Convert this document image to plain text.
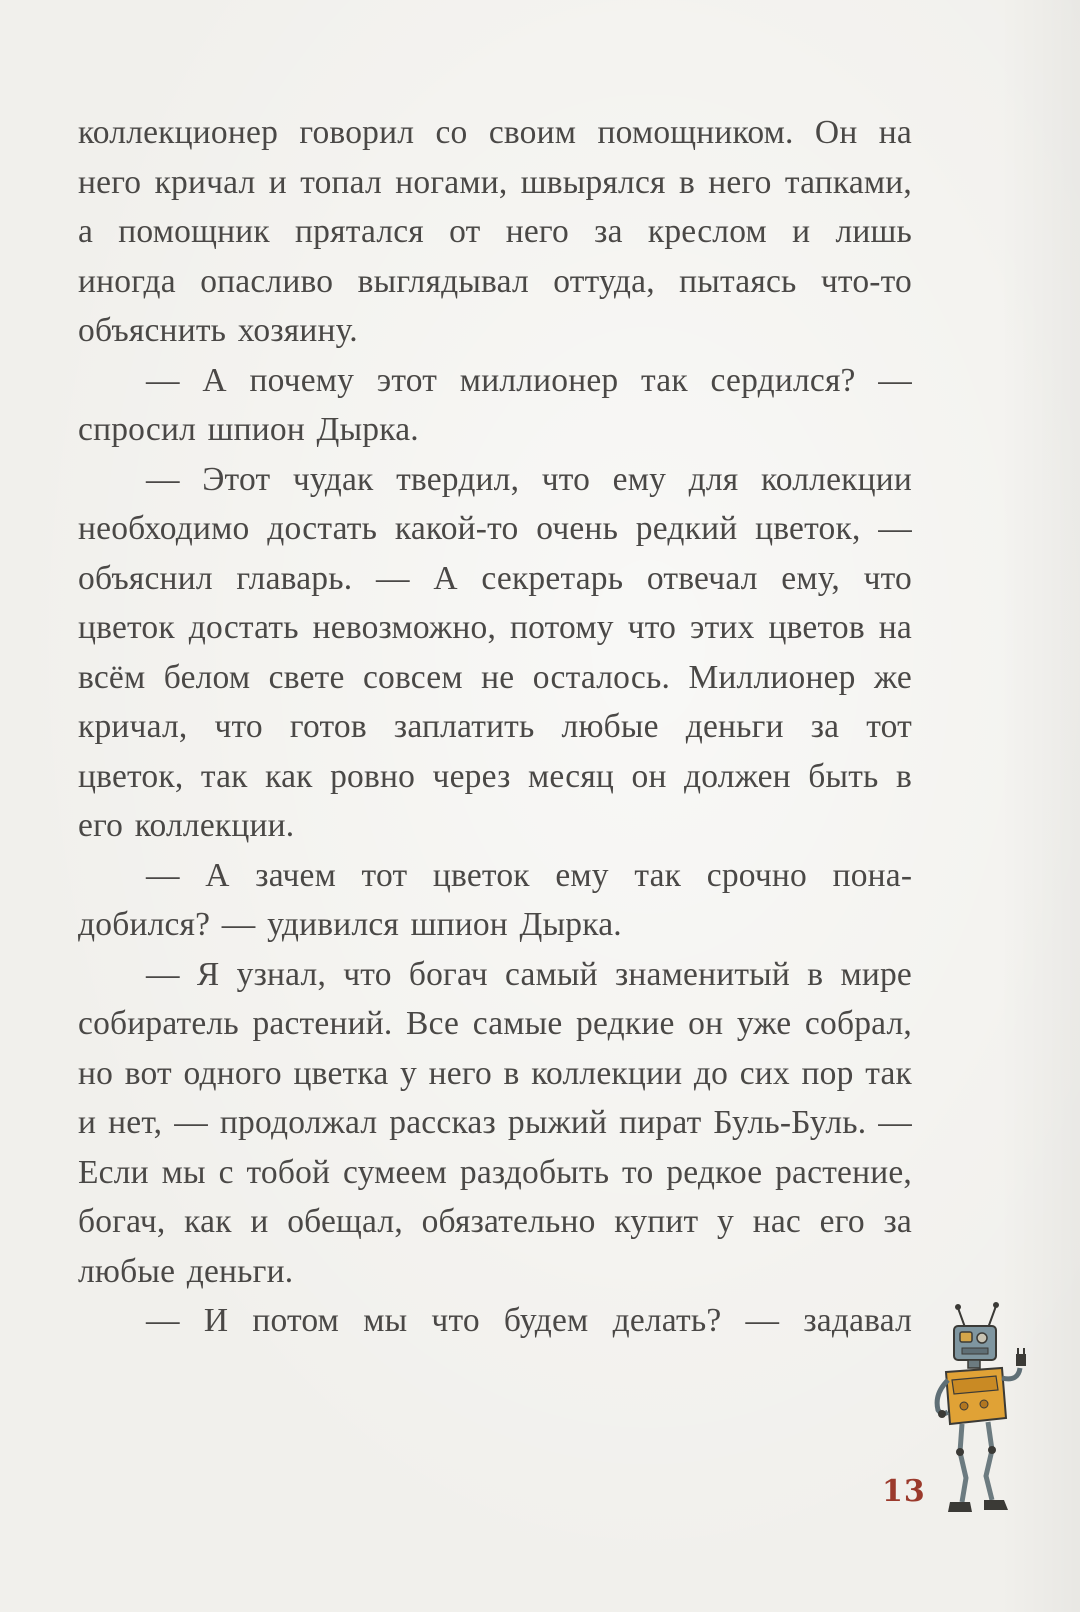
коллекционер говорил со своим помощником. Он на него кричал и топал ногами, швырялся в него тапками, а помощник прятался от него за креслом и лишь иногда опасливо выглядывал оттуда, пытаясь что-то объяснить хозяину.

— А почему этот миллионер так сердился? — спросил шпион Дырка.

— Этот чудак твердил, что ему для коллекции необходимо достать какой-то очень редкий цветок, — объяснил главарь. — А секретарь отвечал ему, что цветок достать невозможно, потому что этих цветов на всём белом свете совсем не осталось. Миллионер же кричал, что готов заплатить любые деньги за тот цветок, так как ровно через месяц он должен быть в его коллекции.

— А зачем тот цветок ему так срочно понадобился? — удивился шпион Дырка.

— Я узнал, что богач самый знаменитый в мире собиратель растений. Все самые редкие он уже собрал, но вот одного цветка у него в коллекции до сих пор так и нет, — продолжал рассказ рыжий пират Буль-Буль. — Если мы с тобой сумеем раздобыть то редкое растение, богач, как и обещал, обязательно купит у нас его за любые деньги.

— И потом мы что будем делать? — задавал

13
